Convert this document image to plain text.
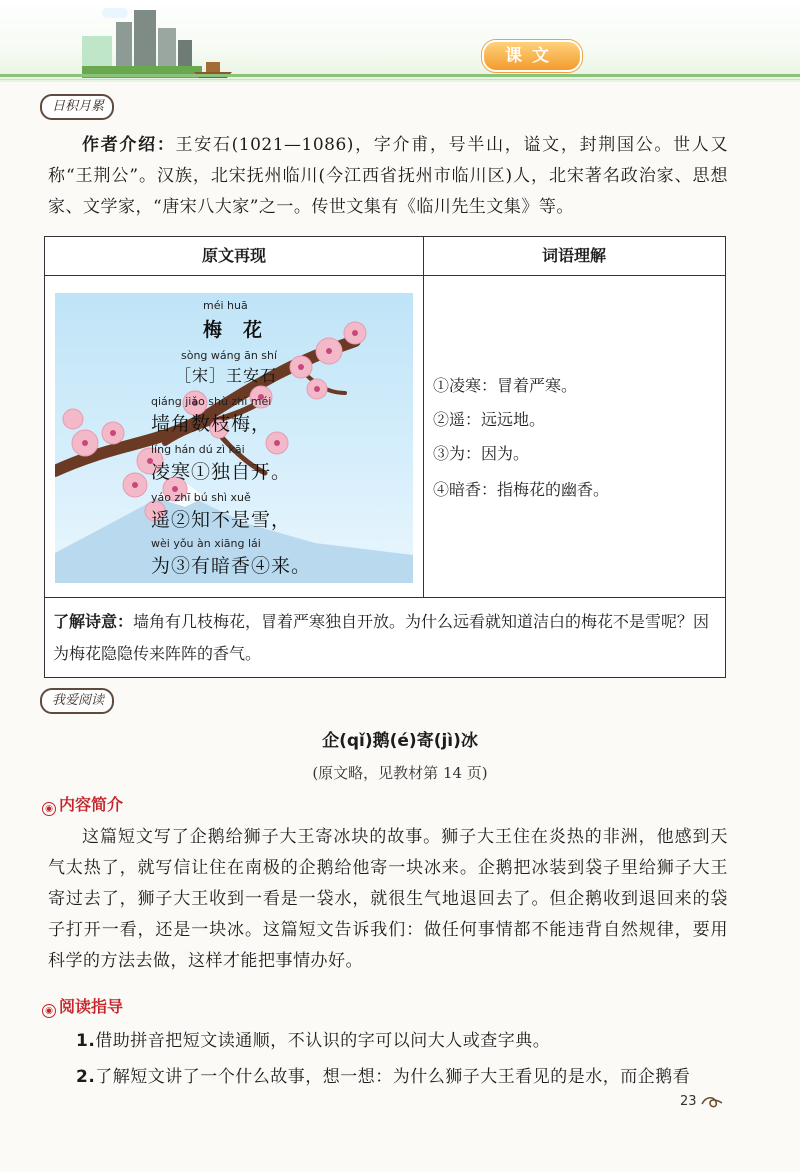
课文
日积月累
作者介绍：王安石(1021—1086)，字介甫，号半山，谥文，封荆国公。世人又称“王荆公”。汉族，北宋抚州临川(今江西省抚州市临川区)人，北宋著名政治家、思想家、文学家，“唐宋八大家”之一。传世文集有《临川先生文集》等。
原文再现	词语理解
méi huā
梅　花
sòng wáng ān shí
［宋］王安石
qiáng jiǎo shù zhī méi
墙角数枝梅，
líng hán dú zì kāi
凌寒①独自开。
yáo zhī bú shì xuě
遥②知不是雪，
wèi yǒu àn xiāng lái
为③有暗香④来。
①凌寒：冒着严寒。
②遥：远远地。
③为：因为。
④暗香：指梅花的幽香。
了解诗意：墙角有几枝梅花，冒着严寒独自开放。为什么远看就知道洁白的梅花不是雪呢？因为梅花隐隐传来阵阵的香气。
我爱阅读
企(qǐ)鹅(é)寄(jì)冰
(原文略，见教材第 14 页)
◉ 内容简介
这篇短文写了企鹅给狮子大王寄冰块的故事。狮子大王住在炎热的非洲，他感到天气太热了，就写信让住在南极的企鹅给他寄一块冰来。企鹅把冰装到袋子里给狮子大王寄过去了，狮子大王收到一看是一袋水，就很生气地退回去了。但企鹅收到退回来的袋子打开一看，还是一块冰。这篇短文告诉我们：做任何事情都不能违背自然规律，要用科学的方法去做，这样才能把事情办好。
◉ 阅读指导
1.借助拼音把短文读通顺，不认识的字可以问大人或查字典。
2.了解短文讲了一个什么故事，想一想：为什么狮子大王看见的是水，而企鹅看
23
